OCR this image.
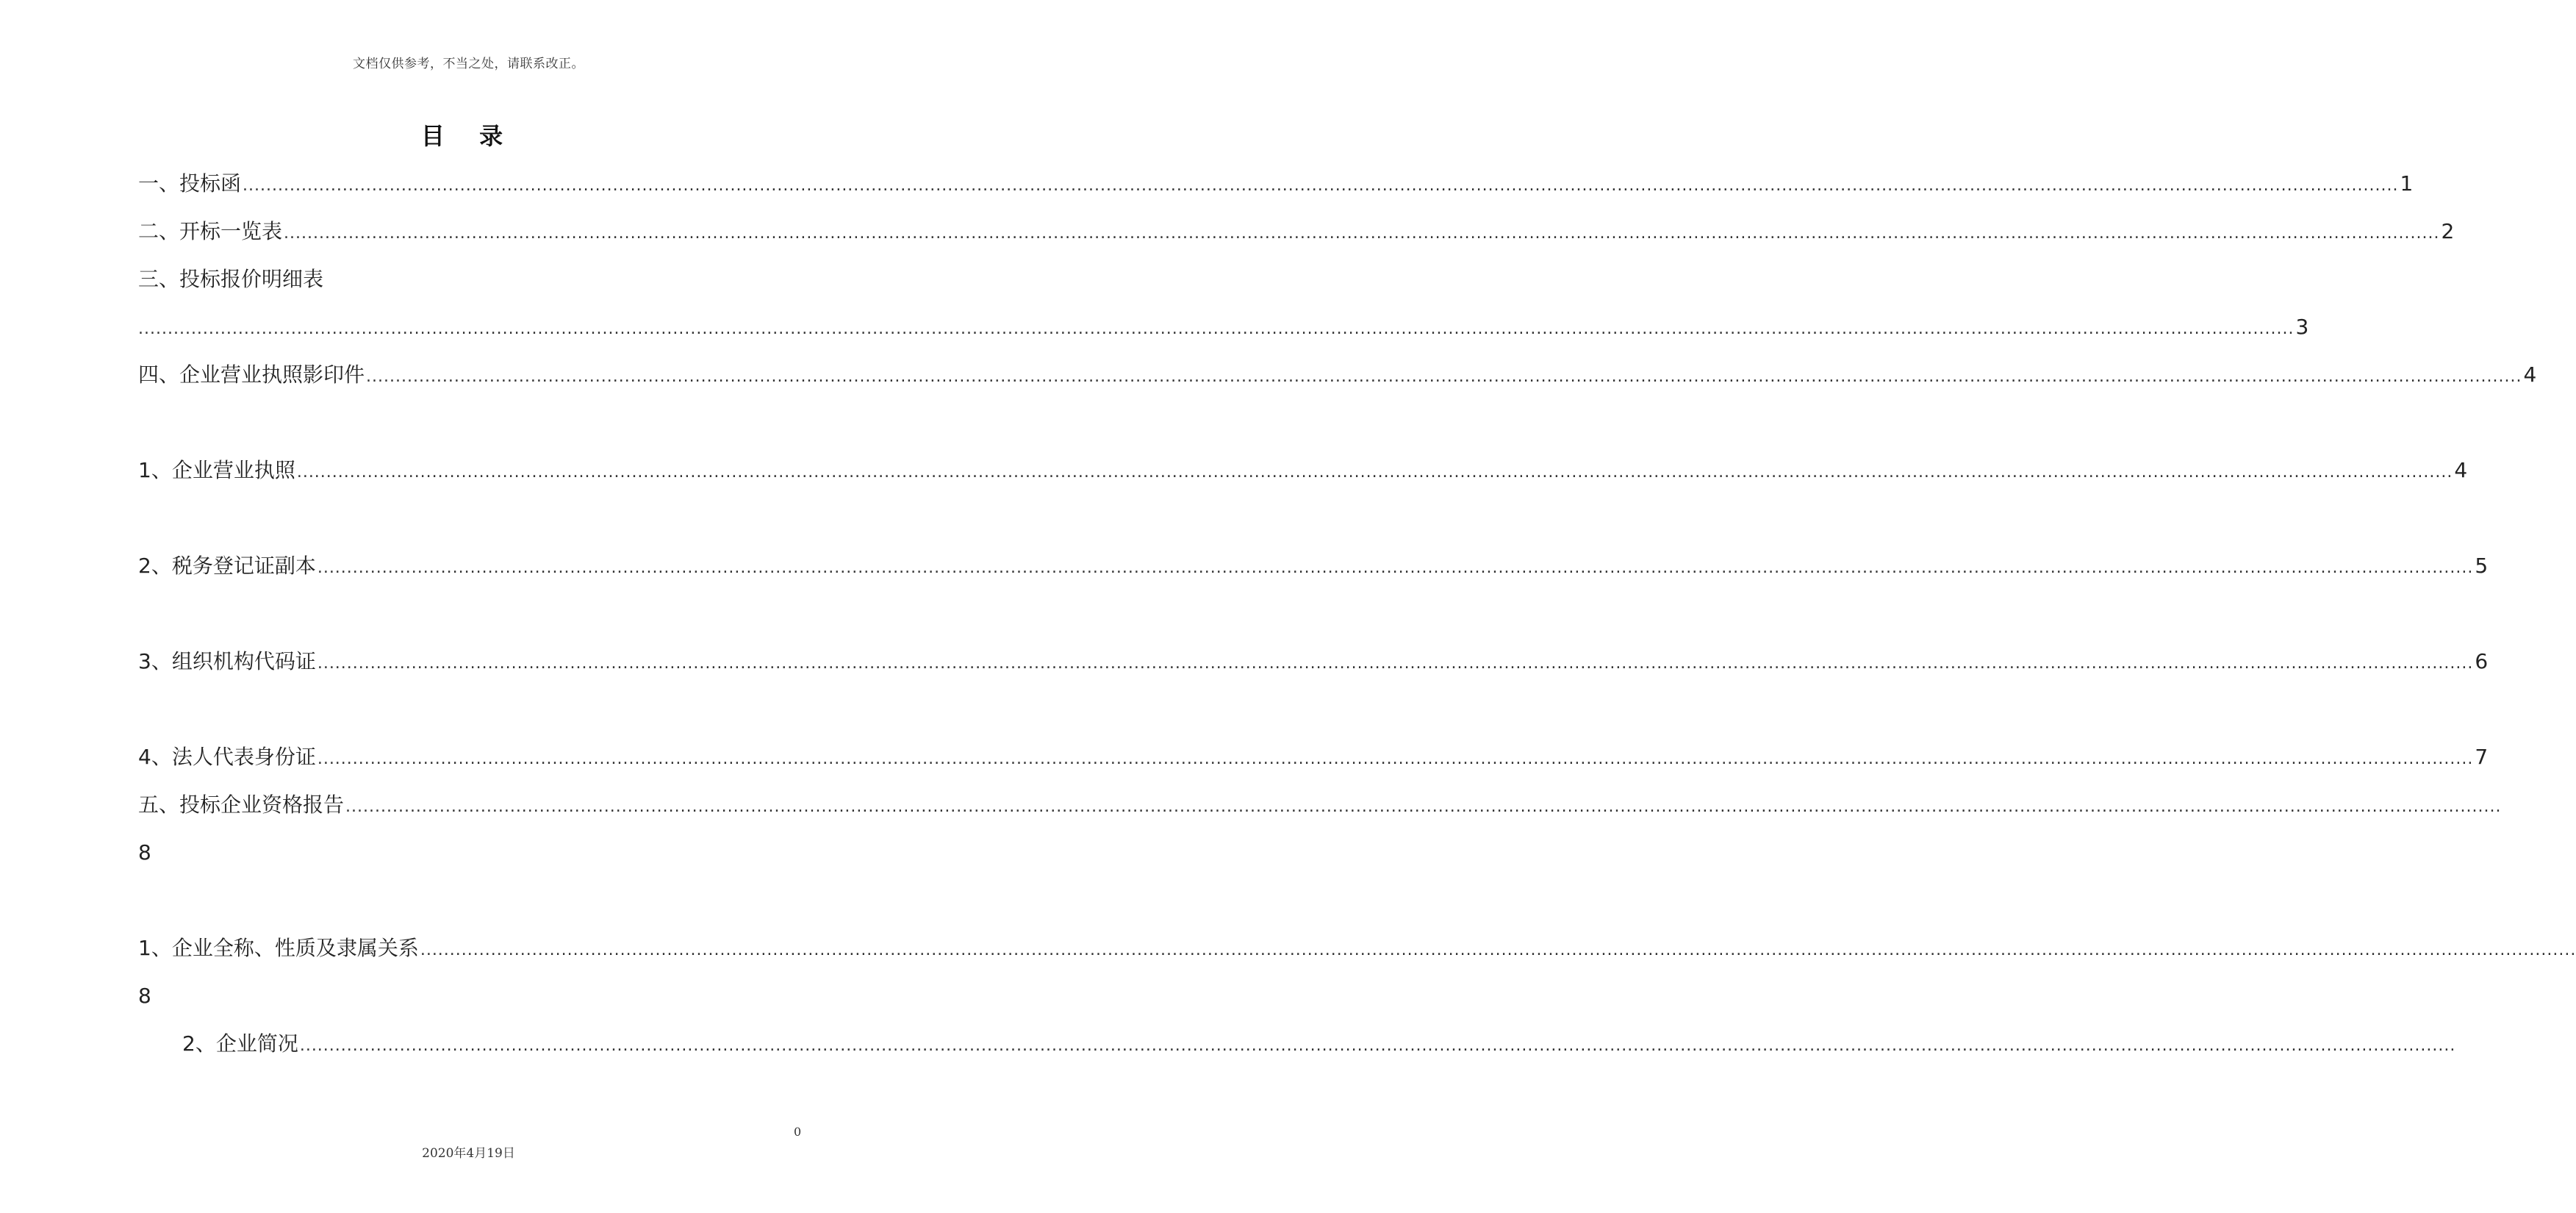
文档仅供参考，不当之处，请联系改正。
目 录
一、投标函 ............................................................................................................................................................................................................................................................................................................................................................................... 1
二、开标一览表 ............................................................................................................................................................................................................................................................................................................................................................................... 2
三、投标报价明细表
............................................................................................................................................................................................................................................................................................................................................................................... 3
四、企业营业执照影印件 ............................................................................................................................................................................................................................................................................................................................................................................... 4
1、企业营业执照 ............................................................................................................................................................................................................................................................................................................................................................................... 4
2、税务登记证副本 ............................................................................................................................................................................................................................................................................................................................................................................... 5
3、组织机构代码证 ............................................................................................................................................................................................................................................................................................................................................................................... 6
4、法人代表身份证 ............................................................................................................................................................................................................................................................................................................................................................................... 7
五、投标企业资格报告 ...............................................................................................................................................................................................................................................................................................................................................................................
8
1、企业全称、性质及隶属关系 ...............................................................................................................................................................................................................................................................................................................................................................................
8
2、企业简况 ...............................................................................................................................................................................................................................................................................................................................................................................
0
2020年4月19日
